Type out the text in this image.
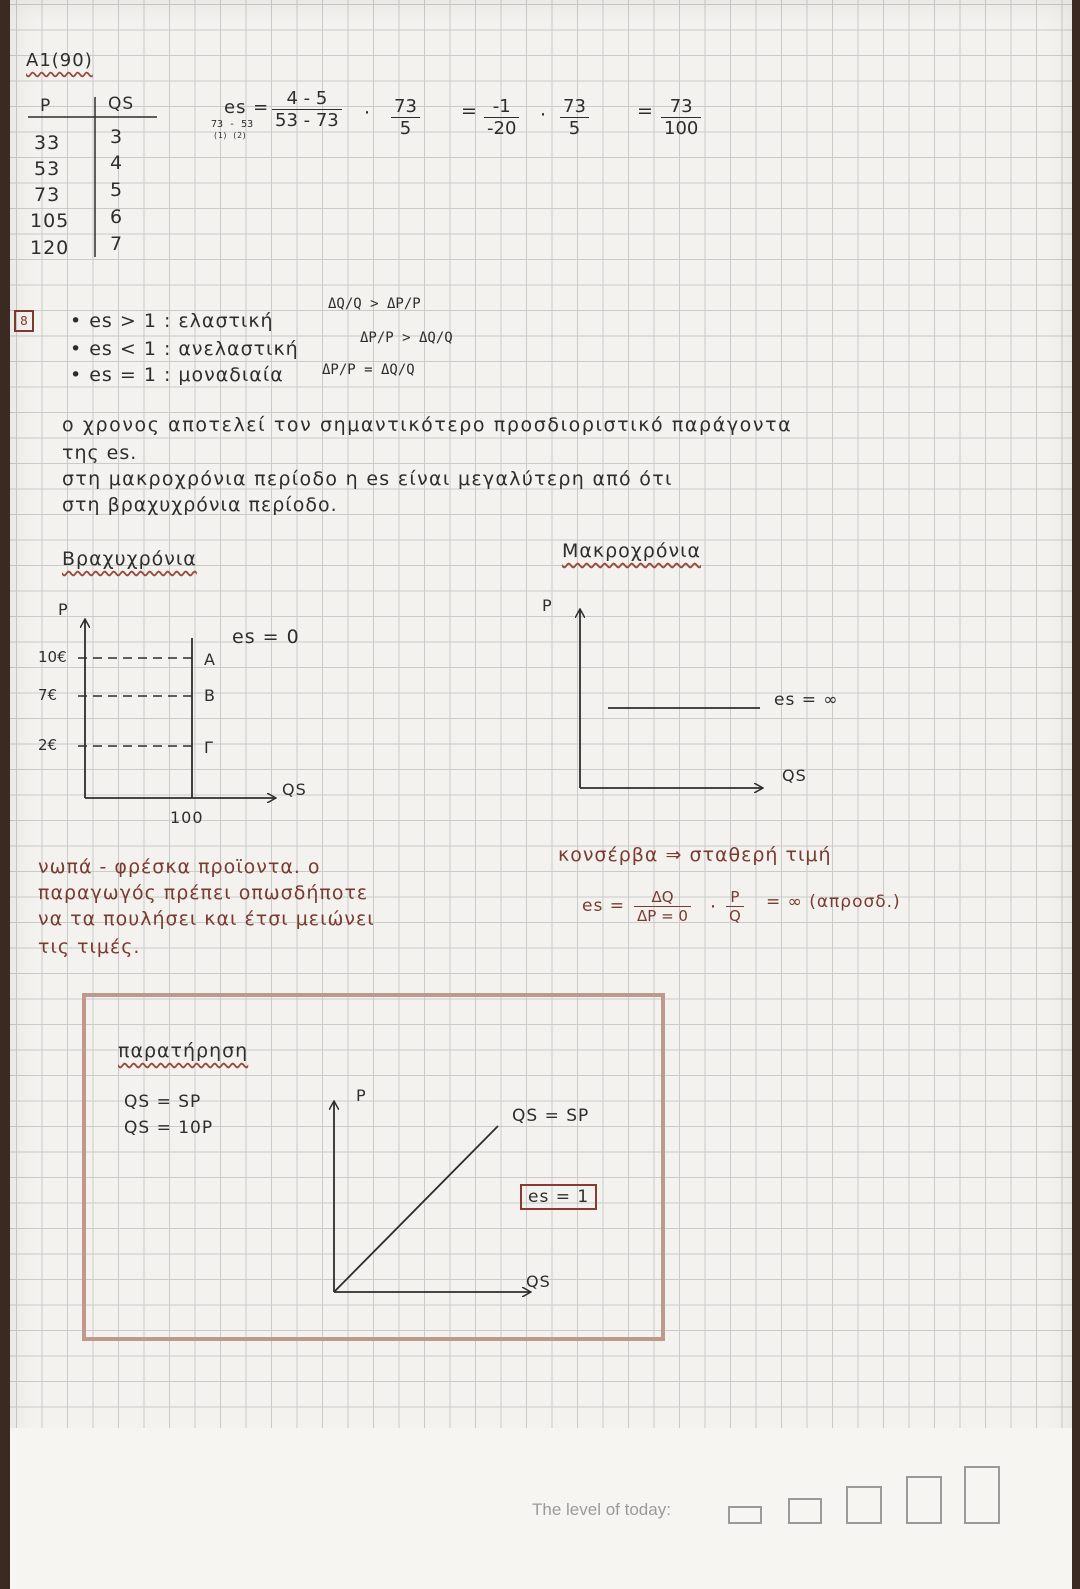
A1(90)
P	QS
33	3
53	4
73	5
105 6
120 7
es =
73 - 53
(1) (2)
$\frac{4 - 5}{53 - 73} \cdot \frac{73}{5} = \frac{-1}{-20} \cdot \frac{73}{5}$	= $\frac{73}{100}$
8	• es > 1 : ελαστική
ΔQ/Q > ΔP/P
• es < 1 : ανελαστική	ΔP/P > ΔQ/Q
• es = 1 : μοναδιαία	ΔP/P = ΔQ/Q
ο χρονος αποτελεί τον σημαντικότερο προσδιοριστικό παράγοντα
της es.
στη μακροχρόνια περίοδο η es είναι μεγαλύτερη από ότι
στη βραχυχρόνια περίοδο.
Βραχυχρόνια
P
QS
10€
7€
2€
A
B
Γ
es = 0
100
νωπά - φρέσκα προϊοντα. ο
παραγωγός πρέπει οπωσδήποτε
να τα πουλήσει και έτσι μειώνει
τις τιμές.
Μακροχρόνια
P
QS
es = ∞
κονσέρβα ⇒ σταθερή τιμή
es = $\frac{\Delta Q}{\Delta P = 0} \cdot \frac{P}{Q}$ = ∞ (απροσδ.)
παρατήρηση
QS = SP
QS = 10P
P
QS
QS = SP
es = 1
The level of today:
